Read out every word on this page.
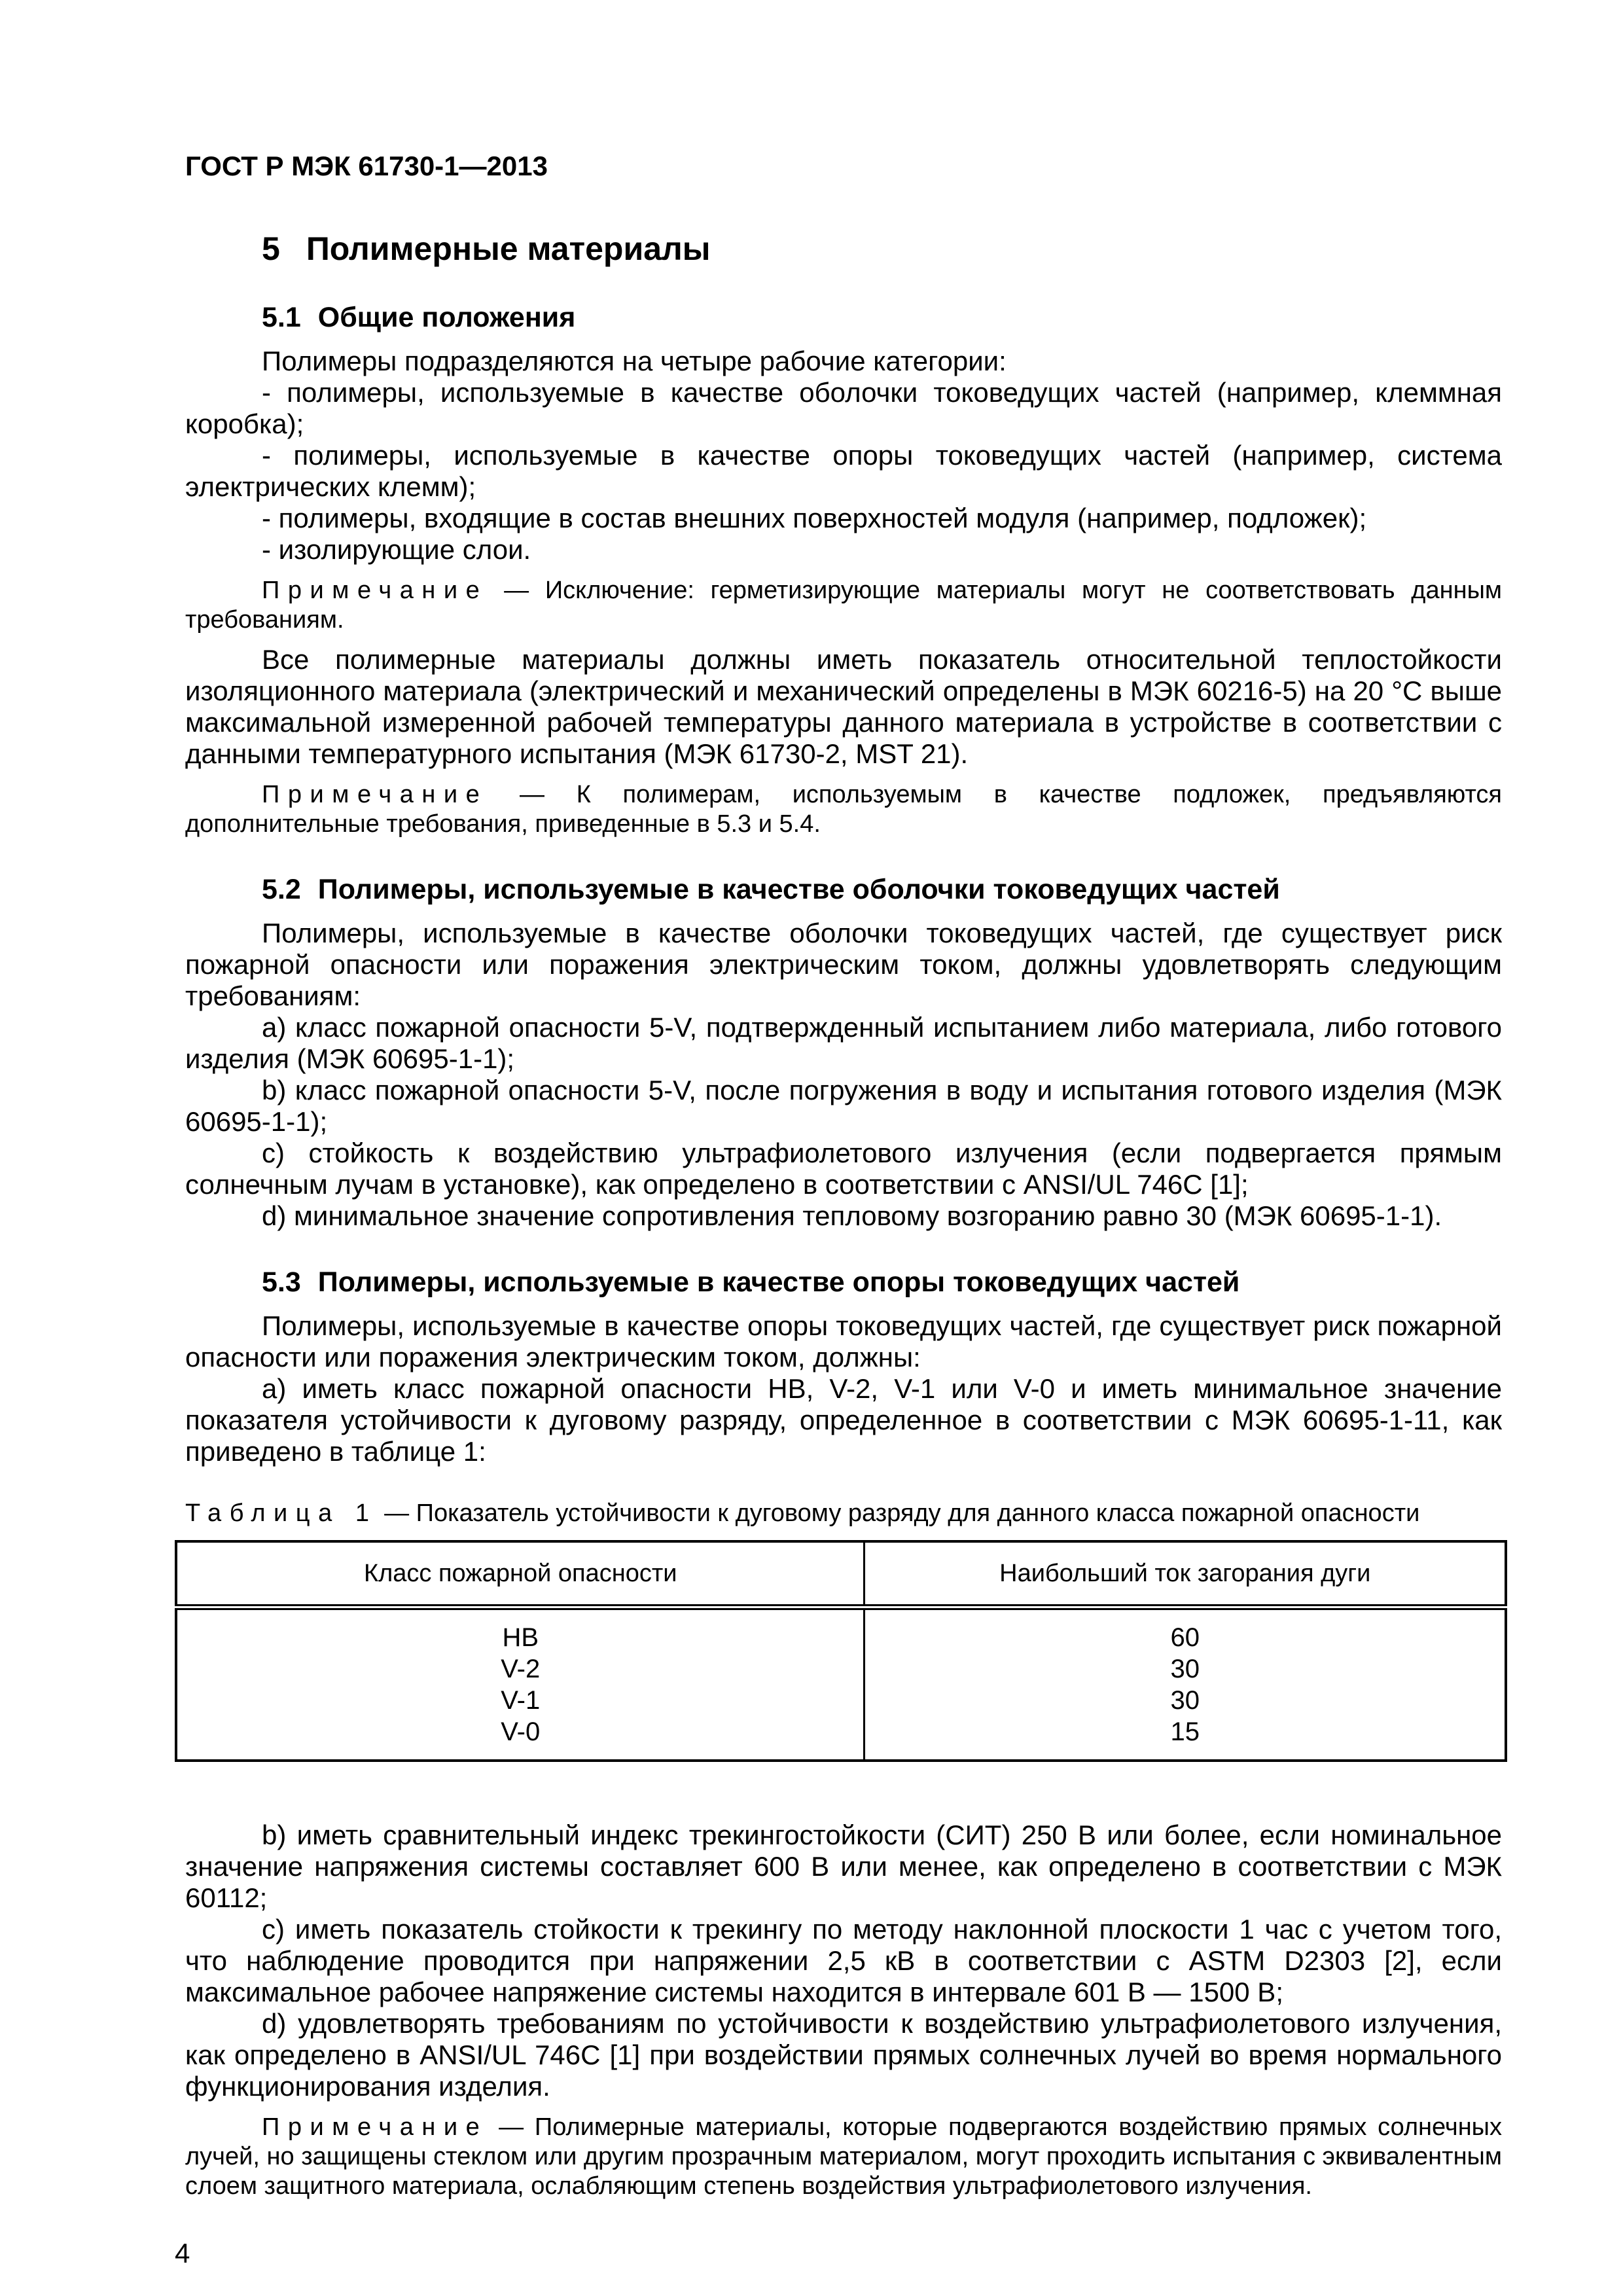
ГОСТ Р МЭК 61730-1—2013
5 Полимерные материалы
5.1 Общие положения

Полимеры подразделяются на четыре рабочие категории:

- полимеры, используемые в качестве оболочки токоведущих частей (например, клеммная коробка);

- полимеры, используемые в качестве опоры токоведущих частей (например, система электрических клемм);

- полимеры, входящие в состав внешних поверхностей модуля (например, подложек);

- изолирующие слои.

Примечание — Исключение: герметизирующие материалы могут не соответствовать данным требованиям.

Все полимерные материалы должны иметь показатель относительной теплостойкости изоляционного материала (электрический и механический определены в МЭК 60216-5) на 20 °С выше максимальной измеренной рабочей температуры данного материала в устройстве в соответствии с данными температурного испытания (МЭК 61730-2, MST 21).

Примечание — К полимерам, используемым в качестве подложек, предъявляются дополнительные требования, приведенные в 5.3 и 5.4.

5.2 Полимеры, используемые в качестве оболочки токоведущих частей

Полимеры, используемые в качестве оболочки токоведущих частей, где существует риск пожарной опасности или поражения электрическим током, должны удовлетворять следующим требованиям:

a) класс пожарной опасности 5-V, подтвержденный испытанием либо материала, либо готового изделия (МЭК 60695-1-1);

b) класс пожарной опасности 5-V, после погружения в воду и испытания готового изделия (МЭК 60695-1-1);

c) стойкость к воздействию ультрафиолетового излучения (если подвергается прямым солнечным лучам в установке), как определено в соответствии с ANSI/UL 746C [1];

d) минимальное значение сопротивления тепловому возгоранию равно 30 (МЭК 60695-1-1).

5.3 Полимеры, используемые в качестве опоры токоведущих частей

Полимеры, используемые в качестве опоры токоведущих частей, где существует риск пожарной опасности или поражения электрическим током, должны:

a) иметь класс пожарной опасности HB, V-2, V-1 или V-0 и иметь минимальное значение показателя устойчивости к дуговому разряду, определенное в соответствии с МЭК 60695-1-11, как приведено в таблице 1:

Таблица 1 — Показатель устойчивости к дуговому разряду для данного класса пожарной опасности

Класс пожарной опасности	Наибольший ток загорания дуги
HB	60
V-2	30
V-1	30
V-0	15

b) иметь сравнительный индекс трекингостойкости (СИТ) 250 В или более, если номинальное значение напряжения системы составляет 600 В или менее, как определено в соответствии с МЭК 60112;

c) иметь показатель стойкости к трекингу по методу наклонной плоскости 1 час с учетом того, что наблюдение проводится при напряжении 2,5 кВ в соответствии с ASTM D2303 [2], если максимальное рабочее напряжение системы находится в интервале 601 В — 1500 В;

d) удовлетворять требованиям по устойчивости к воздействию ультрафиолетового излучения, как определено в ANSI/UL 746C [1] при воздействии прямых солнечных лучей во время нормального функционирования изделия.

Примечание — Полимерные материалы, которые подвергаются воздействию прямых солнечных лучей, но защищены стеклом или другим прозрачным материалом, могут проходить испытания с эквивалентным слоем защитного материала, ослабляющим степень воздействия ультрафиолетового излучения.

4
